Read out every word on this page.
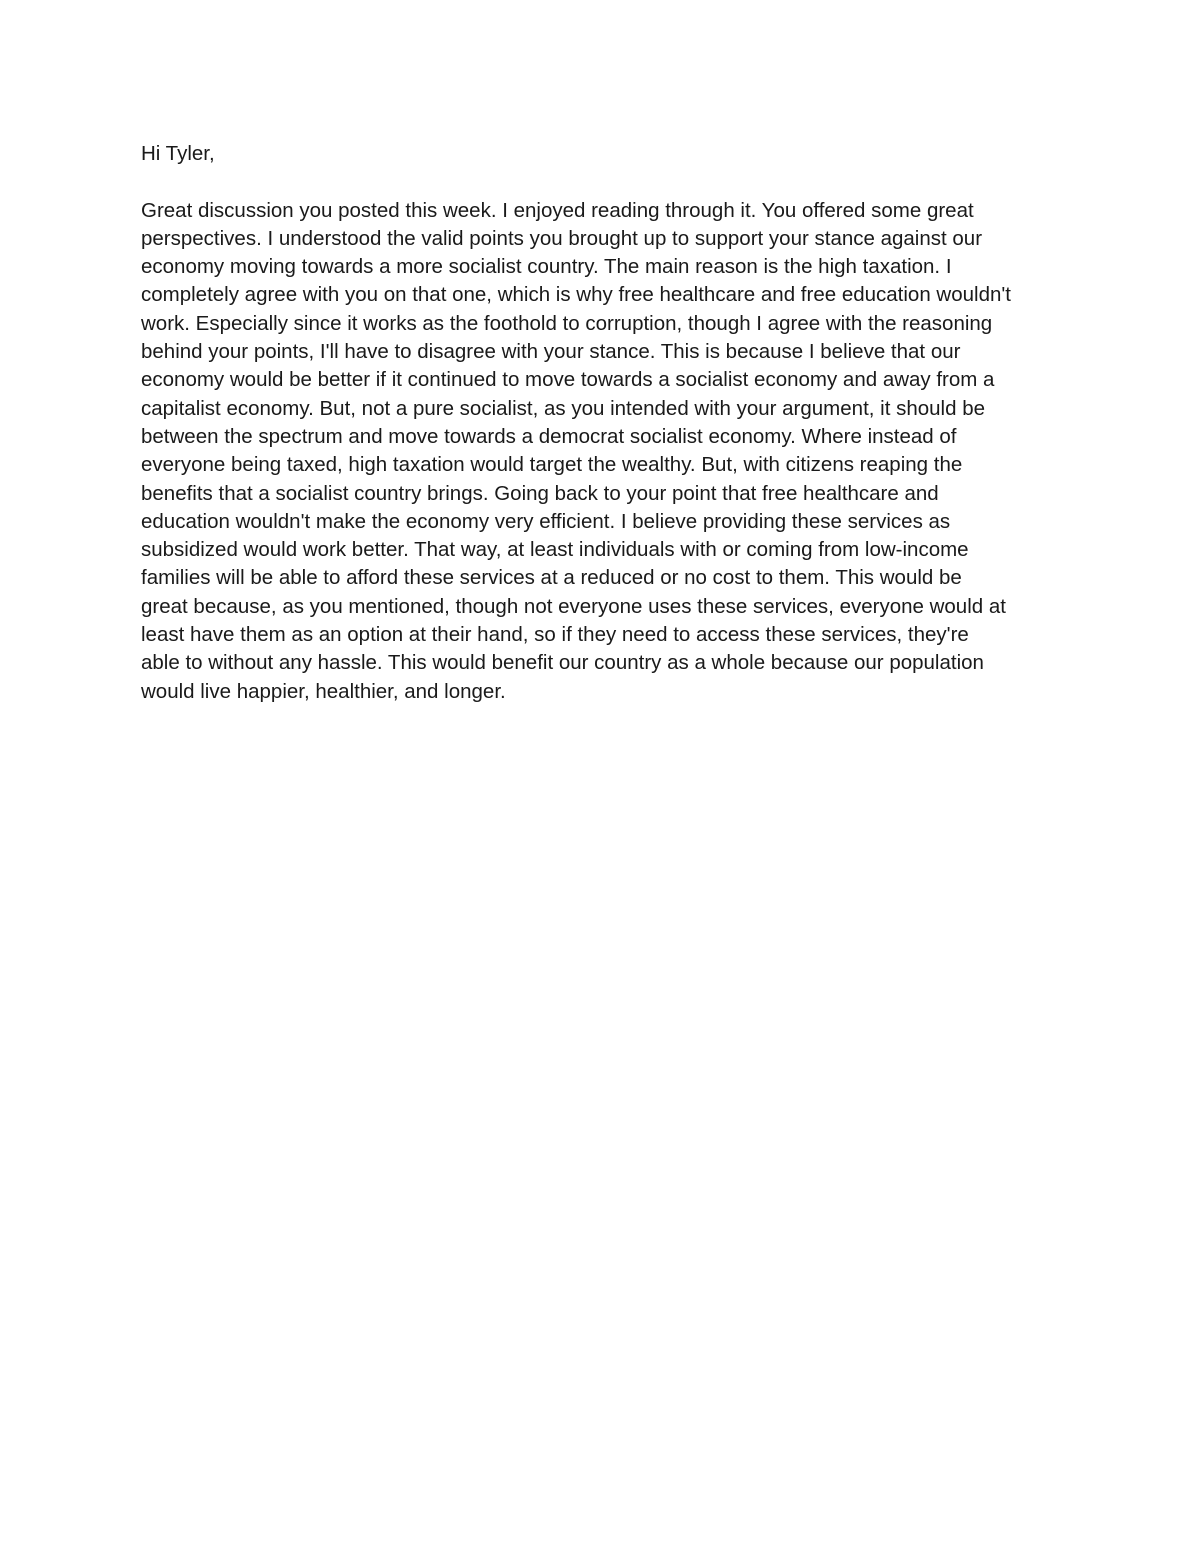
Hi Tyler,
Great discussion you posted this week. I enjoyed reading through it. You offered some great
perspectives. I understood the valid points you brought up to support your stance against our
economy moving towards a more socialist country. The main reason is the high taxation. I
completely agree with you on that one, which is why free healthcare and free education wouldn't
work. Especially since it works as the foothold to corruption, though I agree with the reasoning
behind your points, I'll have to disagree with your stance. This is because I believe that our
economy would be better if it continued to move towards a socialist economy and away from a
capitalist economy. But, not a pure socialist, as you intended with your argument, it should be
between the spectrum and move towards a democrat socialist economy. Where instead of
everyone being taxed, high taxation would target the wealthy. But, with citizens reaping the
benefits that a socialist country brings. Going back to your point that free healthcare and
education wouldn't make the economy very efficient. I believe providing these services as
subsidized would work better. That way, at least individuals with or coming from low-income
families will be able to afford these services at a reduced or no cost to them. This would be
great because, as you mentioned, though not everyone uses these services, everyone would at
least have them as an option at their hand, so if they need to access these services, they're
able to without any hassle. This would benefit our country as a whole because our population
would live happier, healthier, and longer.
